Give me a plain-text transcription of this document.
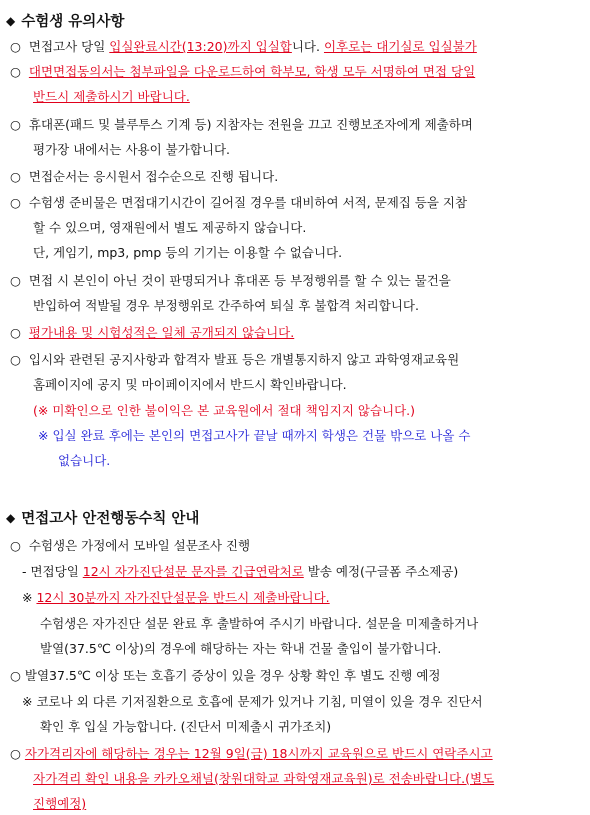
◆ 수험생 유의사항
○ 면접고사 당일 입실완료시간(13:20)까지 입실합니다. 이후로는 대기실로 입실불가
○ 대면면접동의서는 첨부파일을 다운로드하여 학부모, 학생 모두 서명하여 면접 당일
반드시 제출하시기 바랍니다.
○ 휴대폰(패드 및 블루투스 기계 등) 지참자는 전원을 끄고 진행보조자에게 제출하며
평가장 내에서는 사용이 불가합니다.
○ 면접순서는 응시원서 접수순으로 진행 됩니다.
○ 수험생 준비물은 면접대기시간이 길어질 경우를 대비하여 서적, 문제집 등을 지참
할 수 있으며, 영재원에서 별도 제공하지 않습니다.
단, 게임기, mp3, pmp 등의 기기는 이용할 수 없습니다.
○ 면접 시 본인이 아닌 것이 판명되거나 휴대폰 등 부정행위를 할 수 있는 물건을
반입하여 적발될 경우 부정행위로 간주하여 퇴실 후 불합격 처리합니다.
○ 평가내용 및 시험성적은 일체 공개되지 않습니다.
○ 입시와 관련된 공지사항과 합격자 발표 등은 개별통지하지 않고 과학영재교육원
홈페이지에 공지 및 마이페이지에서 반드시 확인바랍니다.
(※ 미확인으로 인한 불이익은 본 교육원에서 절대 책임지지 않습니다.)
※ 입실 완료 후에는 본인의 면접고사가 끝날 때까지 학생은 건물 밖으로 나올 수
없습니다.
◆ 면접고사 안전행동수칙 안내
○ 수험생은 가정에서 모바일 설문조사 진행
- 면접당일 12시 자가진단설문 문자를 긴급연락처로 발송 예정(구글폼 주소제공)
※ 12시 30분까지 자가진단설문을 반드시 제출바랍니다.
수험생은 자가진단 설문 완료 후 출발하여 주시기 바랍니다. 설문을 미제출하거나
발열(37.5℃ 이상)의 경우에 해당하는 자는 학내 건물 출입이 불가합니다.
○ 발열37.5℃ 이상 또는 호흡기 증상이 있을 경우 상황 확인 후 별도 진행 예정
※ 코로나 외 다른 기저질환으로 호흡에 문제가 있거나 기침, 미열이 있을 경우 진단서
확인 후 입실 가능합니다. (진단서 미제출시 귀가조치)
○ 자가격리자에 해당하는 경우는 12월 9일(금) 18시까지 교육원으로 반드시 연락주시고
자가격리 확인 내용을 카카오채널(창원대학교 과학영재교육원)로 전송바랍니다.(별도
진행예정)
